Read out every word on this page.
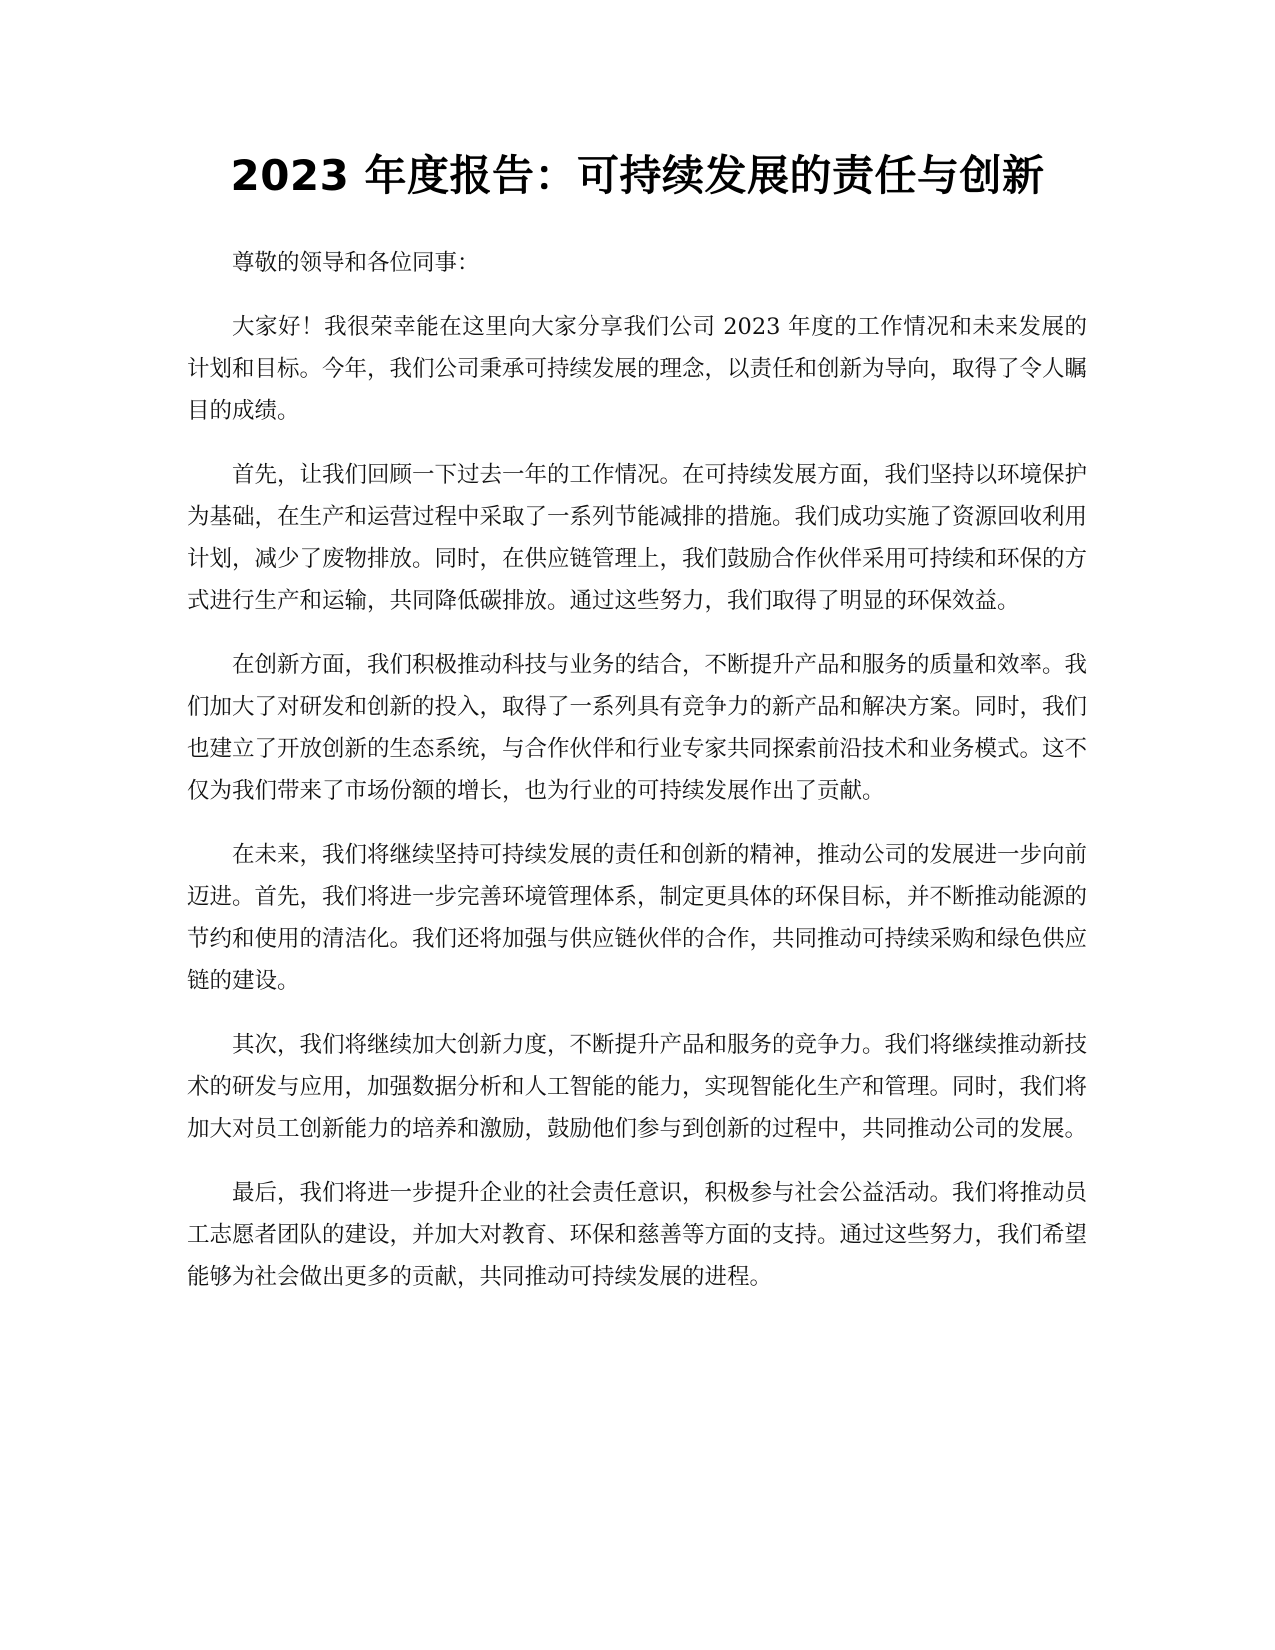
2023 年度报告：可持续发展的责任与创新

尊敬的领导和各位同事：

大家好！我很荣幸能在这里向大家分享我们公司 2023 年度的工作情况和未来发展的计划和目标。今年，我们公司秉承可持续发展的理念，以责任和创新为导向，取得了令人瞩目的成绩。

首先，让我们回顾一下过去一年的工作情况。在可持续发展方面，我们坚持以环境保护为基础，在生产和运营过程中采取了一系列节能减排的措施。我们成功实施了资源回收利用计划，减少了废物排放。同时，在供应链管理上，我们鼓励合作伙伴采用可持续和环保的方式进行生产和运输，共同降低碳排放。通过这些努力，我们取得了明显的环保效益。

在创新方面，我们积极推动科技与业务的结合，不断提升产品和服务的质量和效率。我们加大了对研发和创新的投入，取得了一系列具有竞争力的新产品和解决方案。同时，我们也建立了开放创新的生态系统，与合作伙伴和行业专家共同探索前沿技术和业务模式。这不仅为我们带来了市场份额的增长，也为行业的可持续发展作出了贡献。

在未来，我们将继续坚持可持续发展的责任和创新的精神，推动公司的发展进一步向前迈进。首先，我们将进一步完善环境管理体系，制定更具体的环保目标，并不断推动能源的节约和使用的清洁化。我们还将加强与供应链伙伴的合作，共同推动可持续采购和绿色供应链的建设。

其次，我们将继续加大创新力度，不断提升产品和服务的竞争力。我们将继续推动新技术的研发与应用，加强数据分析和人工智能的能力，实现智能化生产和管理。同时，我们将加大对员工创新能力的培养和激励，鼓励他们参与到创新的过程中，共同推动公司的发展。

最后，我们将进一步提升企业的社会责任意识，积极参与社会公益活动。我们将推动员工志愿者团队的建设，并加大对教育、环保和慈善等方面的支持。通过这些努力，我们希望能够为社会做出更多的贡献，共同推动可持续发展的进程。
